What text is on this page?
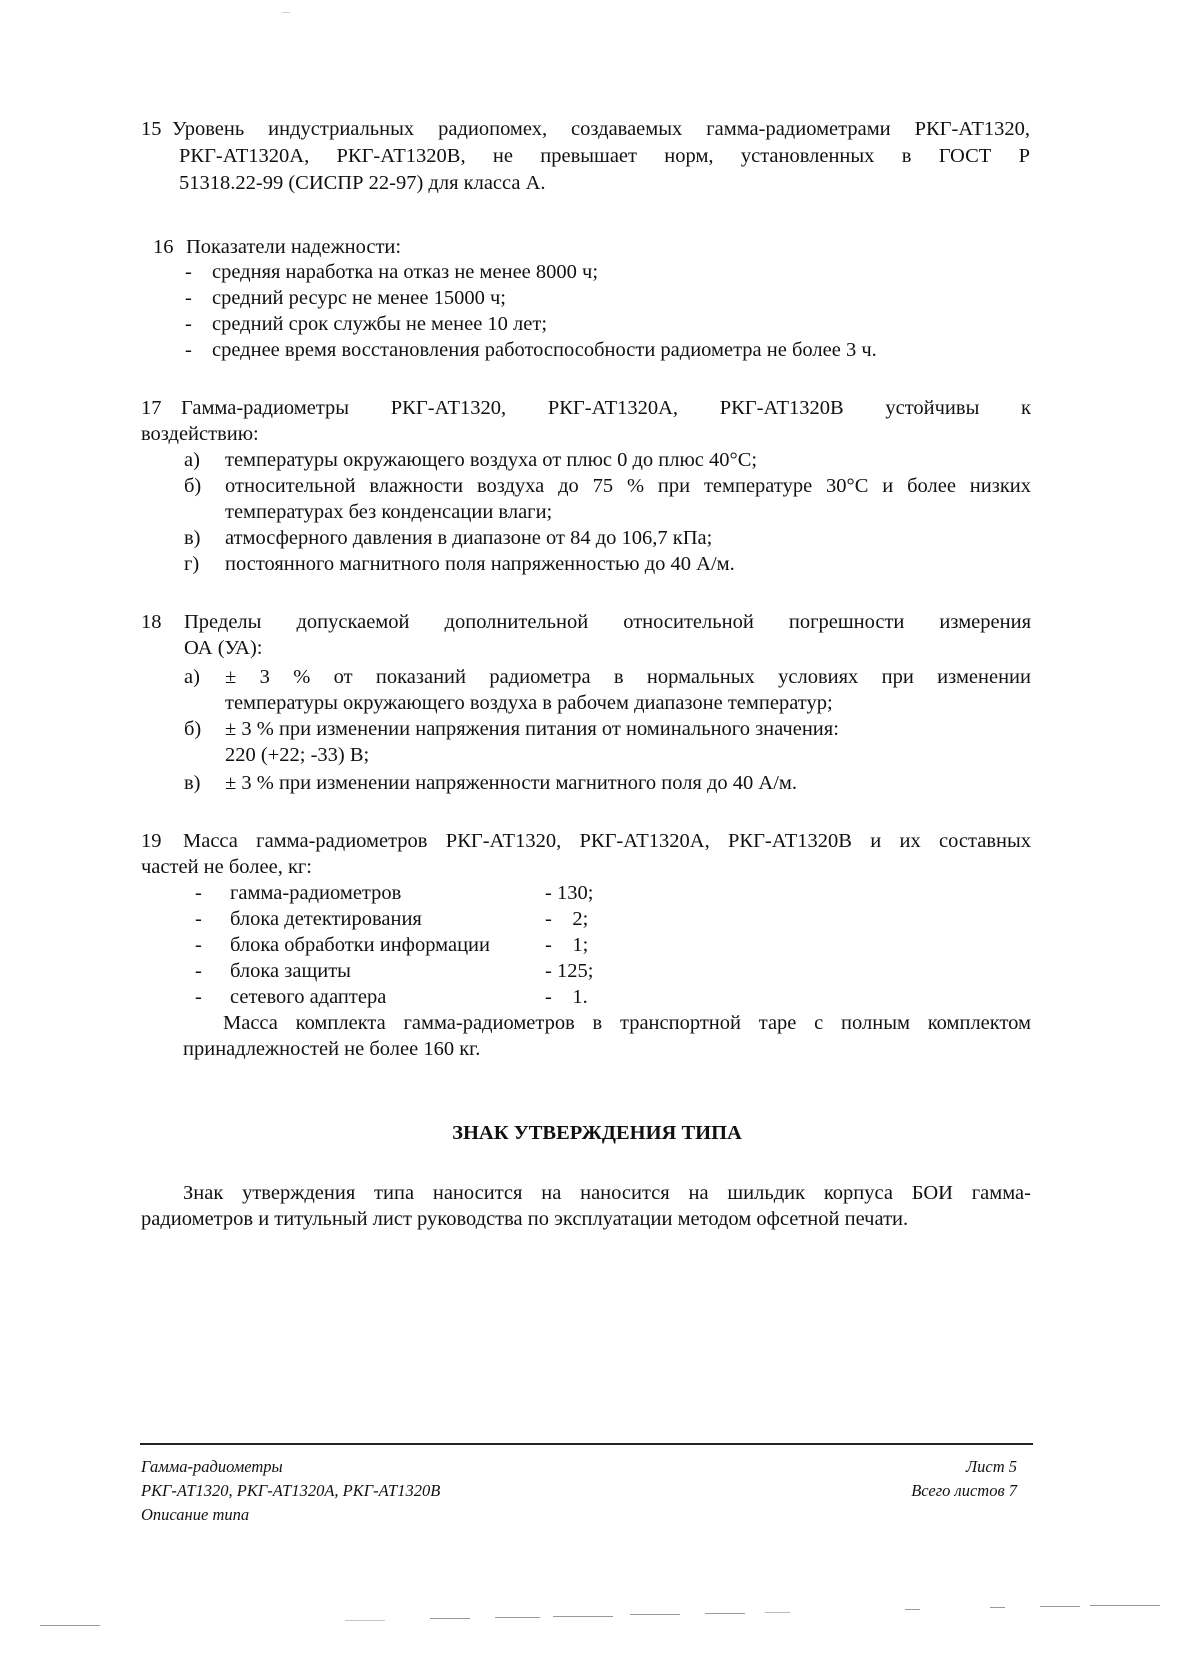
15 Уровень индустриальных радиопомех, создаваемых гамма-радиометрами РКГ-АТ1320,
РКГ-АТ1320А, РКГ-АТ1320В, не превышает норм, установленных в ГОСТ Р
51318.22-99 (СИСПР 22-97) для класса А.
16 Показатели надежности:
- средняя наработка на отказ не менее 8000 ч;
- средний ресурс не менее 15000 ч;
- средний срок службы не менее 10 лет;
- среднее время восстановления работоспособности радиометра не более 3 ч.
17 Гамма-радиометры РКГ-АТ1320, РКГ-АТ1320А, РКГ-АТ1320В устойчивы к
воздействию:
а) температуры окружающего воздуха от плюс 0 до плюс 40°С;
б) относительной влажности воздуха до 75 % при температуре 30°С и более низких
температурах без конденсации влаги;
в) атмосферного давления в диапазоне от 84 до 106,7 кПа;
г) постоянного магнитного поля напряженностью до 40 А/м.
18 Пределы допускаемой дополнительной относительной погрешности измерения
ОА (УА):
а) ± 3 % от показаний радиометра в нормальных условиях при изменении
температуры окружающего воздуха в рабочем диапазоне температур;
б) ± 3 % при изменении напряжения питания от номинального значения:
220 (+22; -33) В;
в) ± 3 % при изменении напряженности магнитного поля до 40 А/м.
19 Масса гамма-радиометров РКГ-АТ1320, РКГ-АТ1320А, РКГ-АТ1320В и их составных
частей не более, кг:
- гамма-радиометров	- 130;
- блока детектирования	-    2;
- блока обработки информации	-    1;
- блока защиты	- 125;
- сетевого адаптера	-    1.
Масса комплекта гамма-радиометров в транспортной таре с полным комплектом
принадлежностей не более 160 кг.
ЗНАК УТВЕРЖДЕНИЯ ТИПА
Знак утверждения типа наносится на наносится на шильдик корпуса БОИ гамма-
радиометров и титульный лист руководства по эксплуатации методом офсетной печати.
Гамма-радиометры
РКГ-АТ1320, РКГ-АТ1320А, РКГ-АТ1320В
Описание типа
Лист 5
Всего листов 7
